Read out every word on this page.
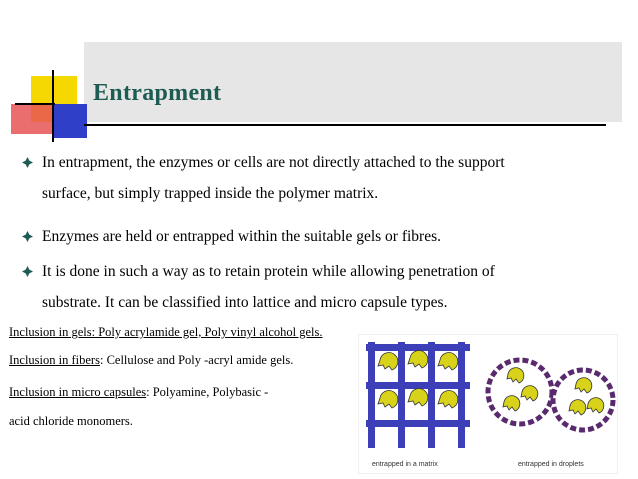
Entrapment
In entrapment, the enzymes or cells are not directly attached to the support
surface, but simply trapped inside the polymer matrix.
Enzymes are held or entrapped within the suitable gels or fibres.
It is done in such a way as to retain protein while allowing penetration of
substrate. It can be classified into lattice and micro capsule types.
Inclusion in gels: Poly acrylamide gel, Poly vinyl alcohol gels.
Inclusion in fibers: Cellulose and Poly -acryl amide gels.
Inclusion in micro capsules: Polyamine, Polybasic -
acid chloride monomers.
entrapped in a matrix	entrapped in droplets
